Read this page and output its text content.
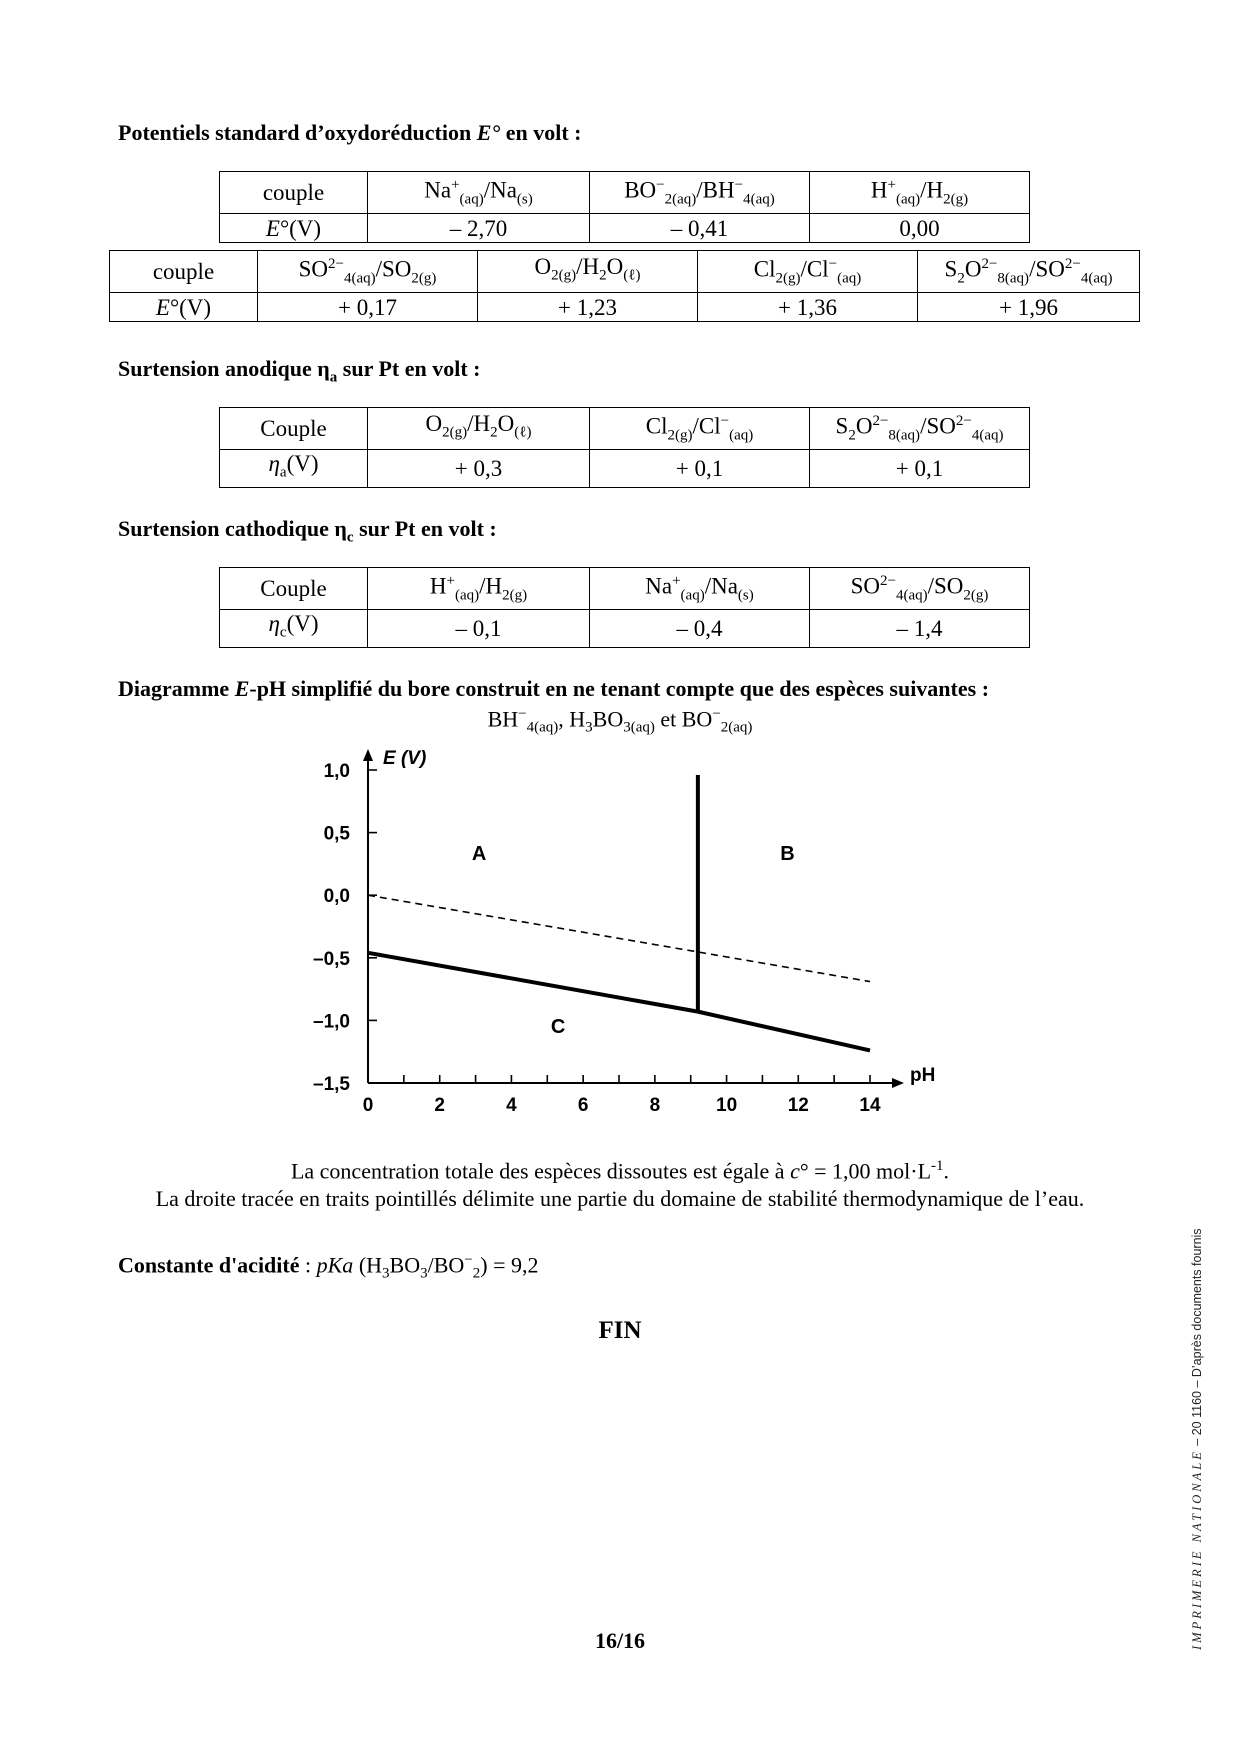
Potentiels standard d’oxydoréduction E° en volt :
couple	$Na^+_{(aq)}/Na_{(s)}$	$BO^-_{2(aq)}/BH^-_{4(aq)}$	$H^+_{(aq)}/H_{2(g)}$
E°(V)	– 2,70	– 0,41	0,00
couple	$SO^{2-}_{4(aq)}/SO_{2(g)}$	$O_{2(g)}/H_2O_{(\ell)}$	$Cl_{2(g)}/Cl^-_{(aq)}$	$S_2O^{2-}_{8(aq)}/SO^{2-}_{4(aq)}$
E°(V)	+ 0,17	+ 1,23	+ 1,36	+ 1,96
Surtension anodique $\eta_a$ sur Pt en volt :
Couple	$O_{2(g)}/H_2O_{(\ell)}$	$Cl_{2(g)}/Cl^-_{(aq)}$	$S_2O^{2-}_{8(aq)}/SO^{2-}_{4(aq)}$
$\eta_a(V)$	+ 0,3	+ 0,1	+ 0,1
Surtension cathodique $\eta_c$ sur Pt en volt :
Couple	$H^+_{(aq)}/H_{2(g)}$	$Na^+_{(aq)}/Na_{(s)}$	$SO^{2-}_{4(aq)}/SO_{2(g)}$
$\eta_c(V)$	– 0,1	– 0,4	– 1,4
Diagramme E-pH simplifié du bore construit en ne tenant compte que des espèces suivantes :
$BH^-_{4(aq)}$, $H_3BO_{3(aq)}$ et $BO^-_{2(aq)}$
pH
E (V)
0	2	4	6	8	10	12	14
1,0
0,5
0,0
–0,5
–1,0
–1,5
A	B
C
La concentration totale des espèces dissoutes est égale à c° = 1,00 $mol\cdot L^{-1}$.
La droite tracée en traits pointillés délimite une partie du domaine de stabilité thermodynamique de l’eau.
Constante d'acidité : pKa $(H_3BO_3/BO^-_2) = 9,2$
FIN
16/16	IMPRIMERIE NATIONALE – 20 1160 – D’après documents fournis
